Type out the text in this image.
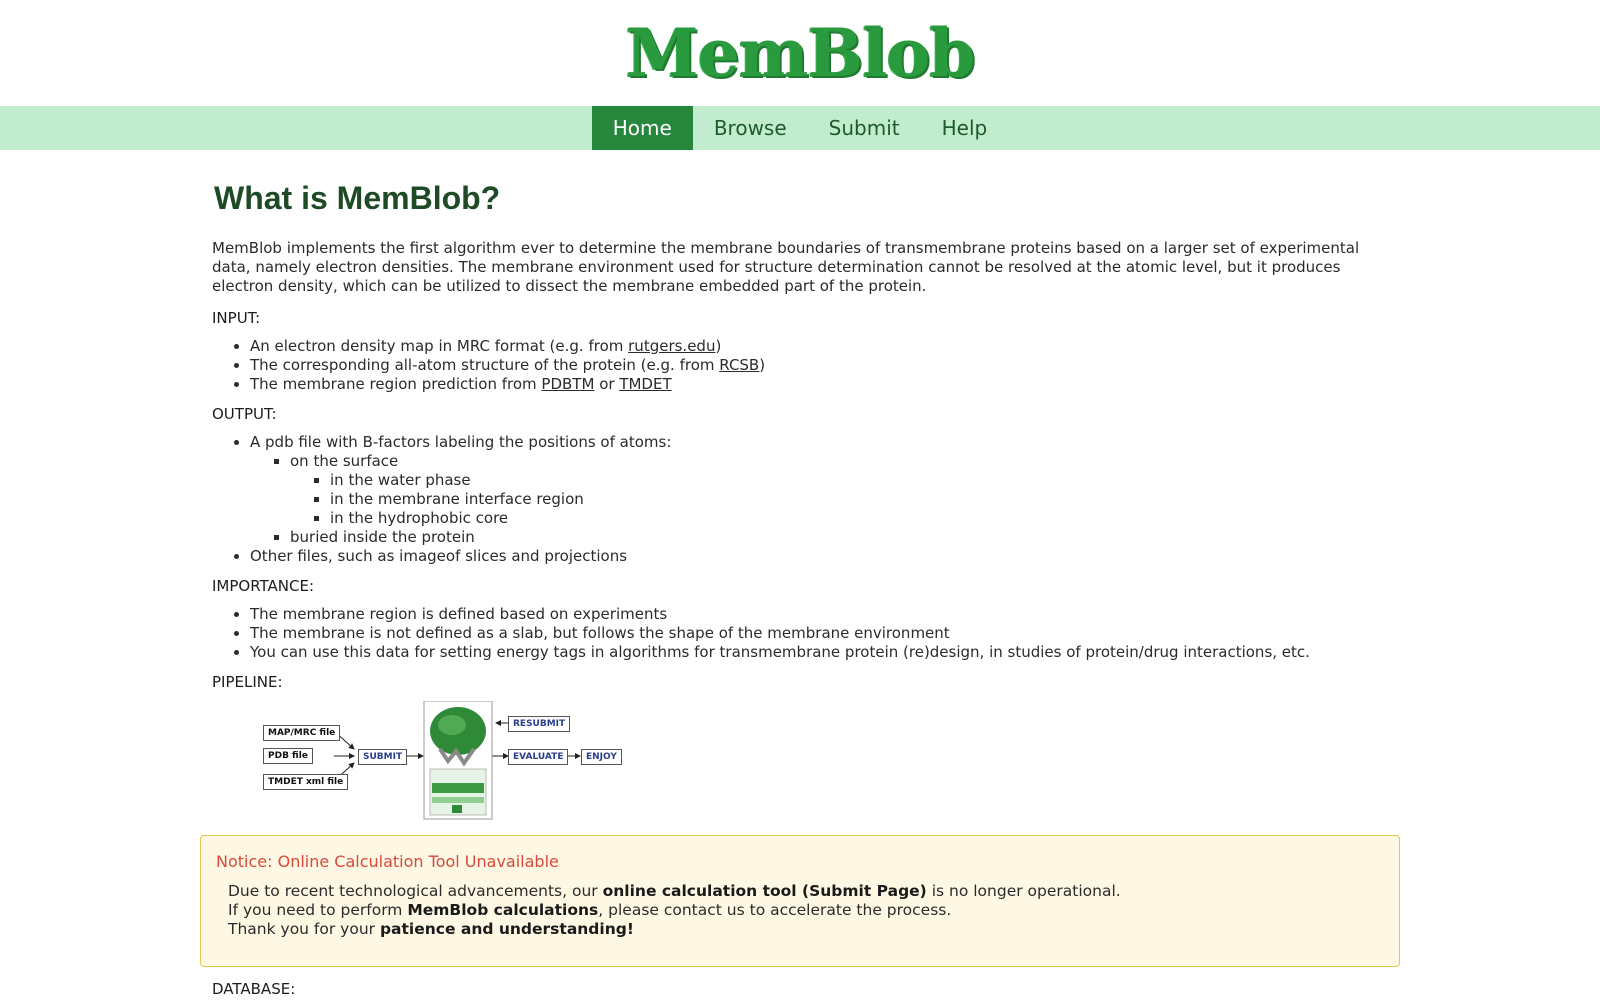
MemBlob
Home	Browse	Submit	Help
What is MemBlob?

MemBlob implements the first algorithm ever to determine the membrane boundaries of transmembrane proteins based on a larger set of experimental data, namely electron densities. The membrane environment used for structure determination cannot be resolved at the atomic level, but it produces electron density, which can be utilized to dissect the membrane embedded part of the protein.

INPUT:
• An electron density map in MRC format (e.g. from rutgers.edu)
• The corresponding all-atom structure of the protein (e.g. from RCSB)
• The membrane region prediction from PDBTM or TMDET
OUTPUT:
• A pdb file with B-factors labeling the positions of atoms:
▪ on the surface
▪ in the water phase
▪ in the membrane interface region
▪ in the hydrophobic core
▪ buried inside the protein
• Other files, such as imageof slices and projections
IMPORTANCE:
• The membrane region is defined based on experiments
• The membrane is not defined as a slab, but follows the shape of the membrane environment
• You can use this data for setting energy tags in algorithms for transmembrane protein (re)design, in studies of protein/drug interactions, etc.
PIPELINE:
MAP/MRC file
PDB file
TMDET xml file
SUBMIT
RESUBMIT
EVALUATE	ENJOY
Notice: Online Calculation Tool Unavailable
Due to recent technological advancements, our online calculation tool (Submit Page) is no longer operational.
If you need to perform MemBlob calculations, please contact us to accelerate the process.
Thank you for your patience and understanding!
DATABASE:
